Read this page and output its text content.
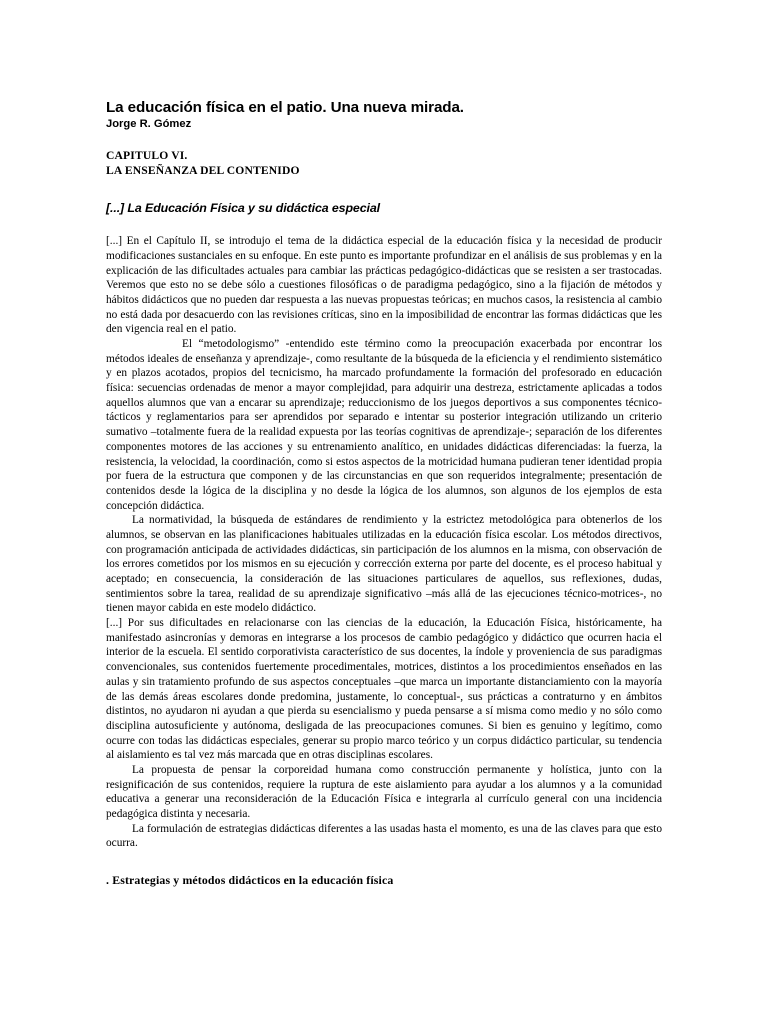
La educación física en el patio. Una nueva mirada.
Jorge R. Gómez
CAPITULO VI.
LA ENSEÑANZA DEL CONTENIDO
[...] La Educación Física y su didáctica especial

[...] En el Capítulo II, se introdujo el tema de la didáctica especial de la educación física y la necesidad de producir modificaciones sustanciales en su enfoque. En este punto es importante profundizar en el análisis de sus problemas y en la explicación de las dificultades actuales para cambiar las prácticas pedagógico-didácticas que se resisten a ser trastocadas. Veremos que esto no se debe sólo a cuestiones filosóficas o de paradigma pedagógico, sino a la fijación de métodos y hábitos didácticos que no pueden dar respuesta a las nuevas propuestas teóricas; en muchos casos, la resistencia al cambio no está dada por desacuerdo con las revisiones críticas, sino en la imposibilidad de encontrar las formas didácticas que les den vigencia real en el patio.

El “metodologismo” -entendido este término como la preocupación exacerbada por encontrar los métodos ideales de enseñanza y aprendizaje-, como resultante de la búsqueda de la eficiencia y el rendimiento sistemático y en plazos acotados, propios del tecnicismo, ha marcado profundamente la formación del profesorado en educación física: secuencias ordenadas de menor a mayor complejidad, para adquirir una destreza, estrictamente aplicadas a todos aquellos alumnos que van a encarar su aprendizaje; reduccionismo de los juegos deportivos a sus componentes técnico-tácticos y reglamentarios para ser aprendidos por separado e intentar su posterior integración utilizando un criterio sumativo –totalmente fuera de la realidad expuesta por las teorías cognitivas de aprendizaje-; separación de los diferentes componentes motores de las acciones y su entrenamiento analítico, en unidades didácticas diferenciadas: la fuerza, la resistencia, la velocidad, la coordinación, como si estos aspectos de la motricidad humana pudieran tener identidad propia por fuera de la estructura que componen y de las circunstancias en que son requeridos integralmente; presentación de contenidos desde la lógica de la disciplina y no desde la lógica de los alumnos, son algunos de los ejemplos de esta concepción didáctica.

La normatividad, la búsqueda de estándares de rendimiento y la estrictez metodológica para obtenerlos de los alumnos, se observan en las planificaciones habituales utilizadas en la educación física escolar. Los métodos directivos, con programación anticipada de actividades didácticas, sin participación de los alumnos en la misma, con observación de los errores cometidos por los mismos en su ejecución y corrección externa por parte del docente, es el proceso habitual y aceptado; en consecuencia, la consideración de las situaciones particulares de aquellos, sus reflexiones, dudas, sentimientos sobre la tarea, realidad de su aprendizaje significativo –más allá de las ejecuciones técnico-motrices-, no tienen mayor cabida en este modelo didáctico.

[...] Por sus dificultades en relacionarse con las ciencias de la educación, la Educación Física, históricamente, ha manifestado asincronías y demoras en integrarse a los procesos de cambio pedagógico y didáctico que ocurren hacia el interior de la escuela. El sentido corporativista característico de sus docentes, la índole y proveniencia de sus paradigmas convencionales, sus contenidos fuertemente procedimentales, motrices, distintos a los procedimientos enseñados en las aulas y sin tratamiento profundo de sus aspectos conceptuales –que marca un importante distanciamiento con la mayoría de las demás áreas escolares donde predomina, justamente, lo conceptual-, sus prácticas a contraturno y en ámbitos distintos, no ayudaron ni ayudan a que pierda su esencialismo y pueda pensarse a sí misma como medio y no sólo como disciplina autosuficiente y autónoma, desligada de las preocupaciones comunes. Si bien es genuino y legítimo, como ocurre con todas las didácticas especiales, generar su propio marco teórico y un corpus didáctico particular, su tendencia al aislamiento es tal vez más marcada que en otras disciplinas escolares.

La propuesta de pensar la corporeidad humana como construcción permanente y holística, junto con la resignificación de sus contenidos, requiere la ruptura de este aislamiento para ayudar a los alumnos y a la comunidad educativa a generar una reconsideración de la Educación Física e integrarla al currículo general con una incidencia pedagógica distinta y necesaria.

La formulación de estrategias didácticas diferentes a las usadas hasta el momento, es una de las claves para que esto ocurra.

. Estrategias y métodos didácticos en la educación física
